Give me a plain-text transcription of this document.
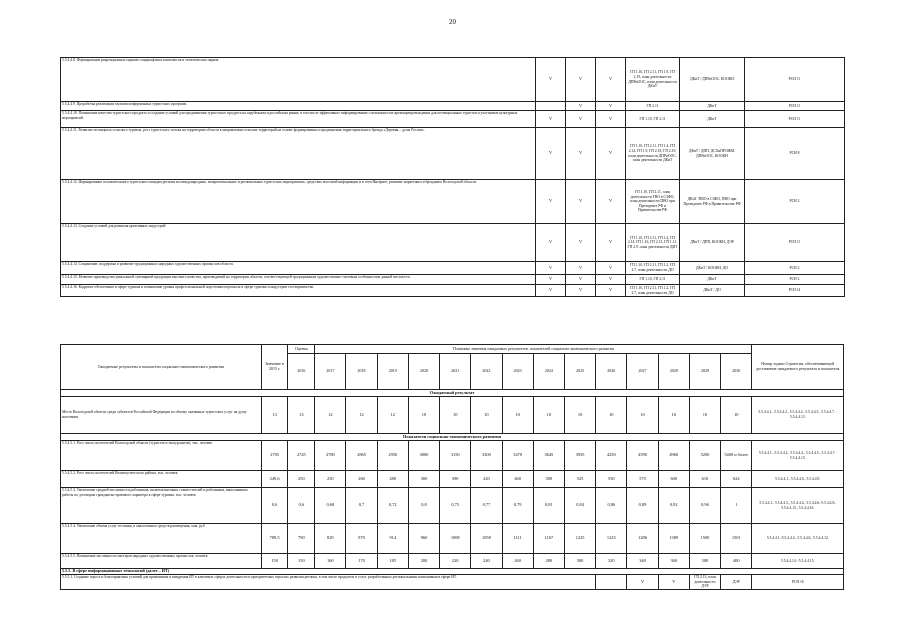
20
5.5.4.4.8. Формирование рекреационных парково-ландшафтных комплексов и тематических парков.	V	V	V	ГП 1.10, ГП 2.11, ГП 1.9, ГП 2.19, план деятельности ДПРиООС, план деятельности ДКиТ	ДКиТ / ДПРиООС, КООКН	РСН 11
5.5.4.4.9. Проработка реализации мультиплатформенных туристских программ.		V	V	ГП 2.11	ДКиТ	РСН 11
5.5.4.4.10. Повышение качества туристского продукта и создание условий для продвижения туристского продукта на зарубежном и российском рынке, в том числе эффективное информирование о возможностях времяпрепровождения для потенциальных туристов и участников культурных мероприятий.	V	V	V	ГП 1.10, ГП 2.11	ДКиТ	РСН 11
5.5.4.4.11. Развитие потенциала сельского туризма, рост туристского потока на территорию области в направлении сельских территорий на основе формирования и продвижения территориального бренда «Деревня – душа России».	V	V	V	ГП 1.10, ГП 2.11, ГП 1.4, ГП 2.14, ГП 1.9, ГП 2.18, ГП 2.19, план деятельности ДПРиООС, план деятельности ДКиТ	ДКиТ / ДПП, ДСХиПРОЖМ, ДПРиООС, КООКН	РСН 8
5.5.4.4.12. Формирование положительного туристского имиджа региона на международных, межрегиональных и региональных туристских мероприятиях, средствах массовой информации и в сети Интернет, развитие маркетинга и брендинга Вологодской области.	V	V	V	ГП 1.10, ГП 2.11, план деятельности ГВО в СЗФО, план деятельности ПВО при Президенте РФ и Правительстве РФ	ДКиТ /ПВО в СЗФО, ПВО при Президенте РФ и Правительстве РФ	РСН 2
5.5.4.4.13. Создание условий для развития креативных индустрий	V	V	V	ГП 1.10, ГП 2.11, ГП 1.4, ГП 2.14, ГП 1.16, ГП 2.13, ГП 1.11, ГП 2.9, план деятельности ДИТ	ДКиТ / ДПП, КООКН, ДЭР	РСН 11
5.5.4.4.14. Сохранение, поддержка и развитие традиционных народных художественных промыслов области.	V	V	V	ГП 1.10, ГП 2.11, ГП 1.2, ГП 2.7, план деятельности ДО	ДКиТ / КООКН, ДО	РСН 2
5.5.4.4.15. Развитие производства уникальной сувенирной продукции высокого качества, производимой на территории области, соответствующей традиционным художественно-стилевым особенностям данной местности.	V	V	V	ГП 1.10, ГП 2.11	ДКиТ	РСН 2
5.5.4.4.16. Кадровое обеспечение в сфере туризма и повышение уровня профессиональной подготовки персонала в сфере туризма и индустрии гостеприимства.	V	V	V	ГП 1.10, ГП 2.11, ГП 1.2, ГП 2.7, план деятельности ДО	ДКиТ / ДО	РСН 14
Ожидаемые результаты и показатели социально-экономического развития	Значение в 2015 г.	Оценка	Плановые значения ожидаемых результатов, показателей социально-экономического развития														Номер задачи Стратегии, обеспечивающей достижение ожидаемого результата и показателя
		2016	2017	2018	2019	2020	2021	2022	2023	2024	2025	2026	2027	2028	2029	2030	
Ожидаемый результат																	
Место Вологодской области среди субъектов Российской Федерации по объему оказанных туристских услуг на душу населения	13	13	12	12	12	10	10	10	10	10	10	10	10	10	10	10	5.5.4.4.1., 5.5.4.4.2., 5.5.4.4.4., 5.5.4.4.5., 5.5.4.4.7. - 5.5.4.4.13.
Показатели социально-экономического развития																	
5.5.4.5.1. Рост числа посетителей Вологодской области (туристов и экскурсантов), тыс. человек	2705	2745	2780	2865	2950	3000	3150	3300	3470	3645	3935	4250	4590	4960	5200	5400 и более	5.5.4.4.1., 5.5.4.4.2., 5.5.4.4.4., 5.5.4.4.5., 5.5.4.4.7.- 5.5.4.4.13.
5.5.4.5.2. Рост числа посетителей Великоустюгского района, тыс. человек	249,6	250	250	260	280	300	390	420	460	500	525	550	575	600	610	624	5.5.4.4.1., 5.5.4.4.6., 5.5.4.4.9.
5.5.4.5.3. Увеличение средней численности работников, включая внешних совместителей и работников, выполнявших работы по договорам гражданско-правового характера в сфере туризма, тыс. человек	0,6	0,6	0,68	0,7	0,72	0,8	0,75	0,77	0,79	0,81	0,84	0,86	0,89	0,92	0,96	1	5.5.4.4.1., 5.5.4.4.3., 5.5.4.4.4., 5.5.4.4.6.-5.5.4.4.8., 5.5.4.4.13., 5.5.4.4.16.
5.5.4.5.4. Увеличение объема услуг гостиниц и аналогичных средств размещения, млн. руб	789,5	790	829	870	914	960	1008	1058	1111	1167	1225	1225	1286	1389	1500	1501	5.5.4.4.1.-5.5.4.4.4., 5.5.4.4.6., 5.5.4.4.12.
5.5.4.5.5. Повышение численности мастеров народных художественных промыслов, человек	150	150	160	170	185	200	220	240	260	280	300	320	340	360	380	400	5.5.4.4.14. -5.5.4.4.15.
5.5.5. В сфере информационных технологий (далее – ИТ)																	
5.5.5.1. Создание спроса и благоприятных условий для применения и внедрения ИТ в ключевых сферах деятельности и приоритетных отраслях развития региона, в том числе продуктов и услуг, разработанных региональными компаниями в сфере ИТ.													V	V	ГП 2.13, план деятельности ДЭР	ДЭР	РСН 16
